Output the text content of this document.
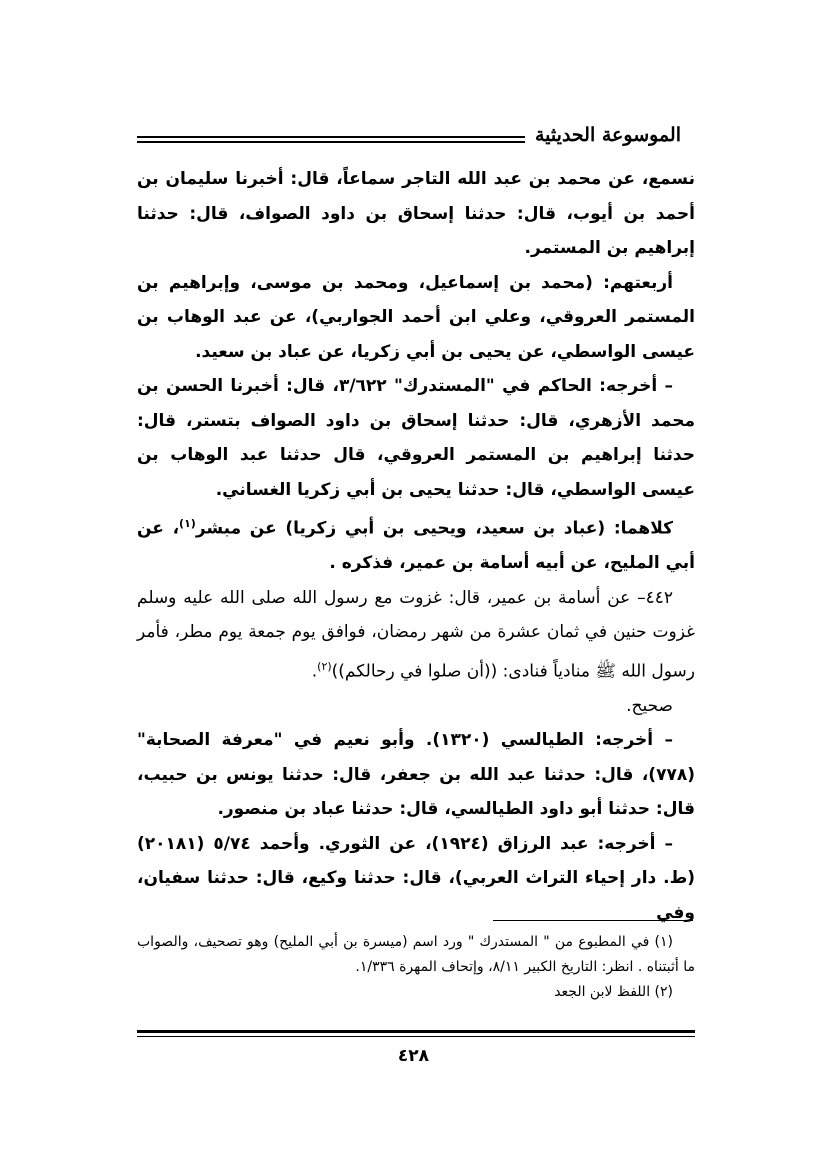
الموسوعة الحديثية

نسمع، عن محمد بن عبد الله التاجر سماعاً، قال: أخبرنا سليمان بن أحمد بن أيوب، قال: حدثنا إسحاق بن داود الصواف، قال: حدثنا إبراهيم بن المستمر.

أربعتهم: (محمد بن إسماعيل، ومحمد بن موسى، وإبراهيم بن المستمر العروقي، وعلي ابن أحمد الجواربي)، عن عبد الوهاب بن عيسى الواسطي، عن يحيى بن أبي زكريا، عن عباد بن سعيد.

– أخرجه: الحاكم في "المستدرك" ٣/٦٢٢، قال: أخبرنا الحسن بن محمد الأزهري، قال: حدثنا إسحاق بن داود الصواف بتستر، قال: حدثنا إبراهيم بن المستمر العروقي، قال حدثنا عبد الوهاب بن عيسى الواسطي، قال: حدثنا يحيى بن أبي زكريا الغساني.

كلاهما: (عباد بن سعيد، ويحيى بن أبي زكريا) عن مبشر$^{(١)}$، عن أبي المليح، عن أبيه أسامة بن عمير، فذكره .

٤٤٢– عن أسامة بن عمير، قال: غزوت مع رسول الله صلى الله عليه وسلم غزوت حنين في ثمان عشرة من شهر رمضان، فوافق يوم جمعة يوم مطر، فأمر رسول الله ﷺ منادياً فنادى: ((أن صلوا في رحالكم))$^{(٢)}$.

صحيح.

– أخرجه: الطيالسي (١٣٢٠). وأبو نعيم في "معرفة الصحابة" (٧٧٨)، قال: حدثنا عبد الله بن جعفر، قال: حدثنا يونس بن حبيب، قال: حدثنا أبو داود الطيالسي، قال: حدثنا عباد بن منصور.

– أخرجه: عبد الرزاق (١٩٢٤)، عن الثوري. وأحمد ٥/٧٤ (٢٠١٨١) (ط. دار إحياء التراث العربي)، قال: حدثنا وكيع، قال: حدثنا سفيان، وفي

(١) في المطبوع من " المستدرك " ورد اسم (ميسرة بن أبي المليح) وهو تصحيف، والصواب ما أثبتناه . انظر: التاريخ الكبير ٨/١١، وإتحاف المهرة ١/٣٣٦.

(٢) اللفظ لابن الجعد

٤٢٨
